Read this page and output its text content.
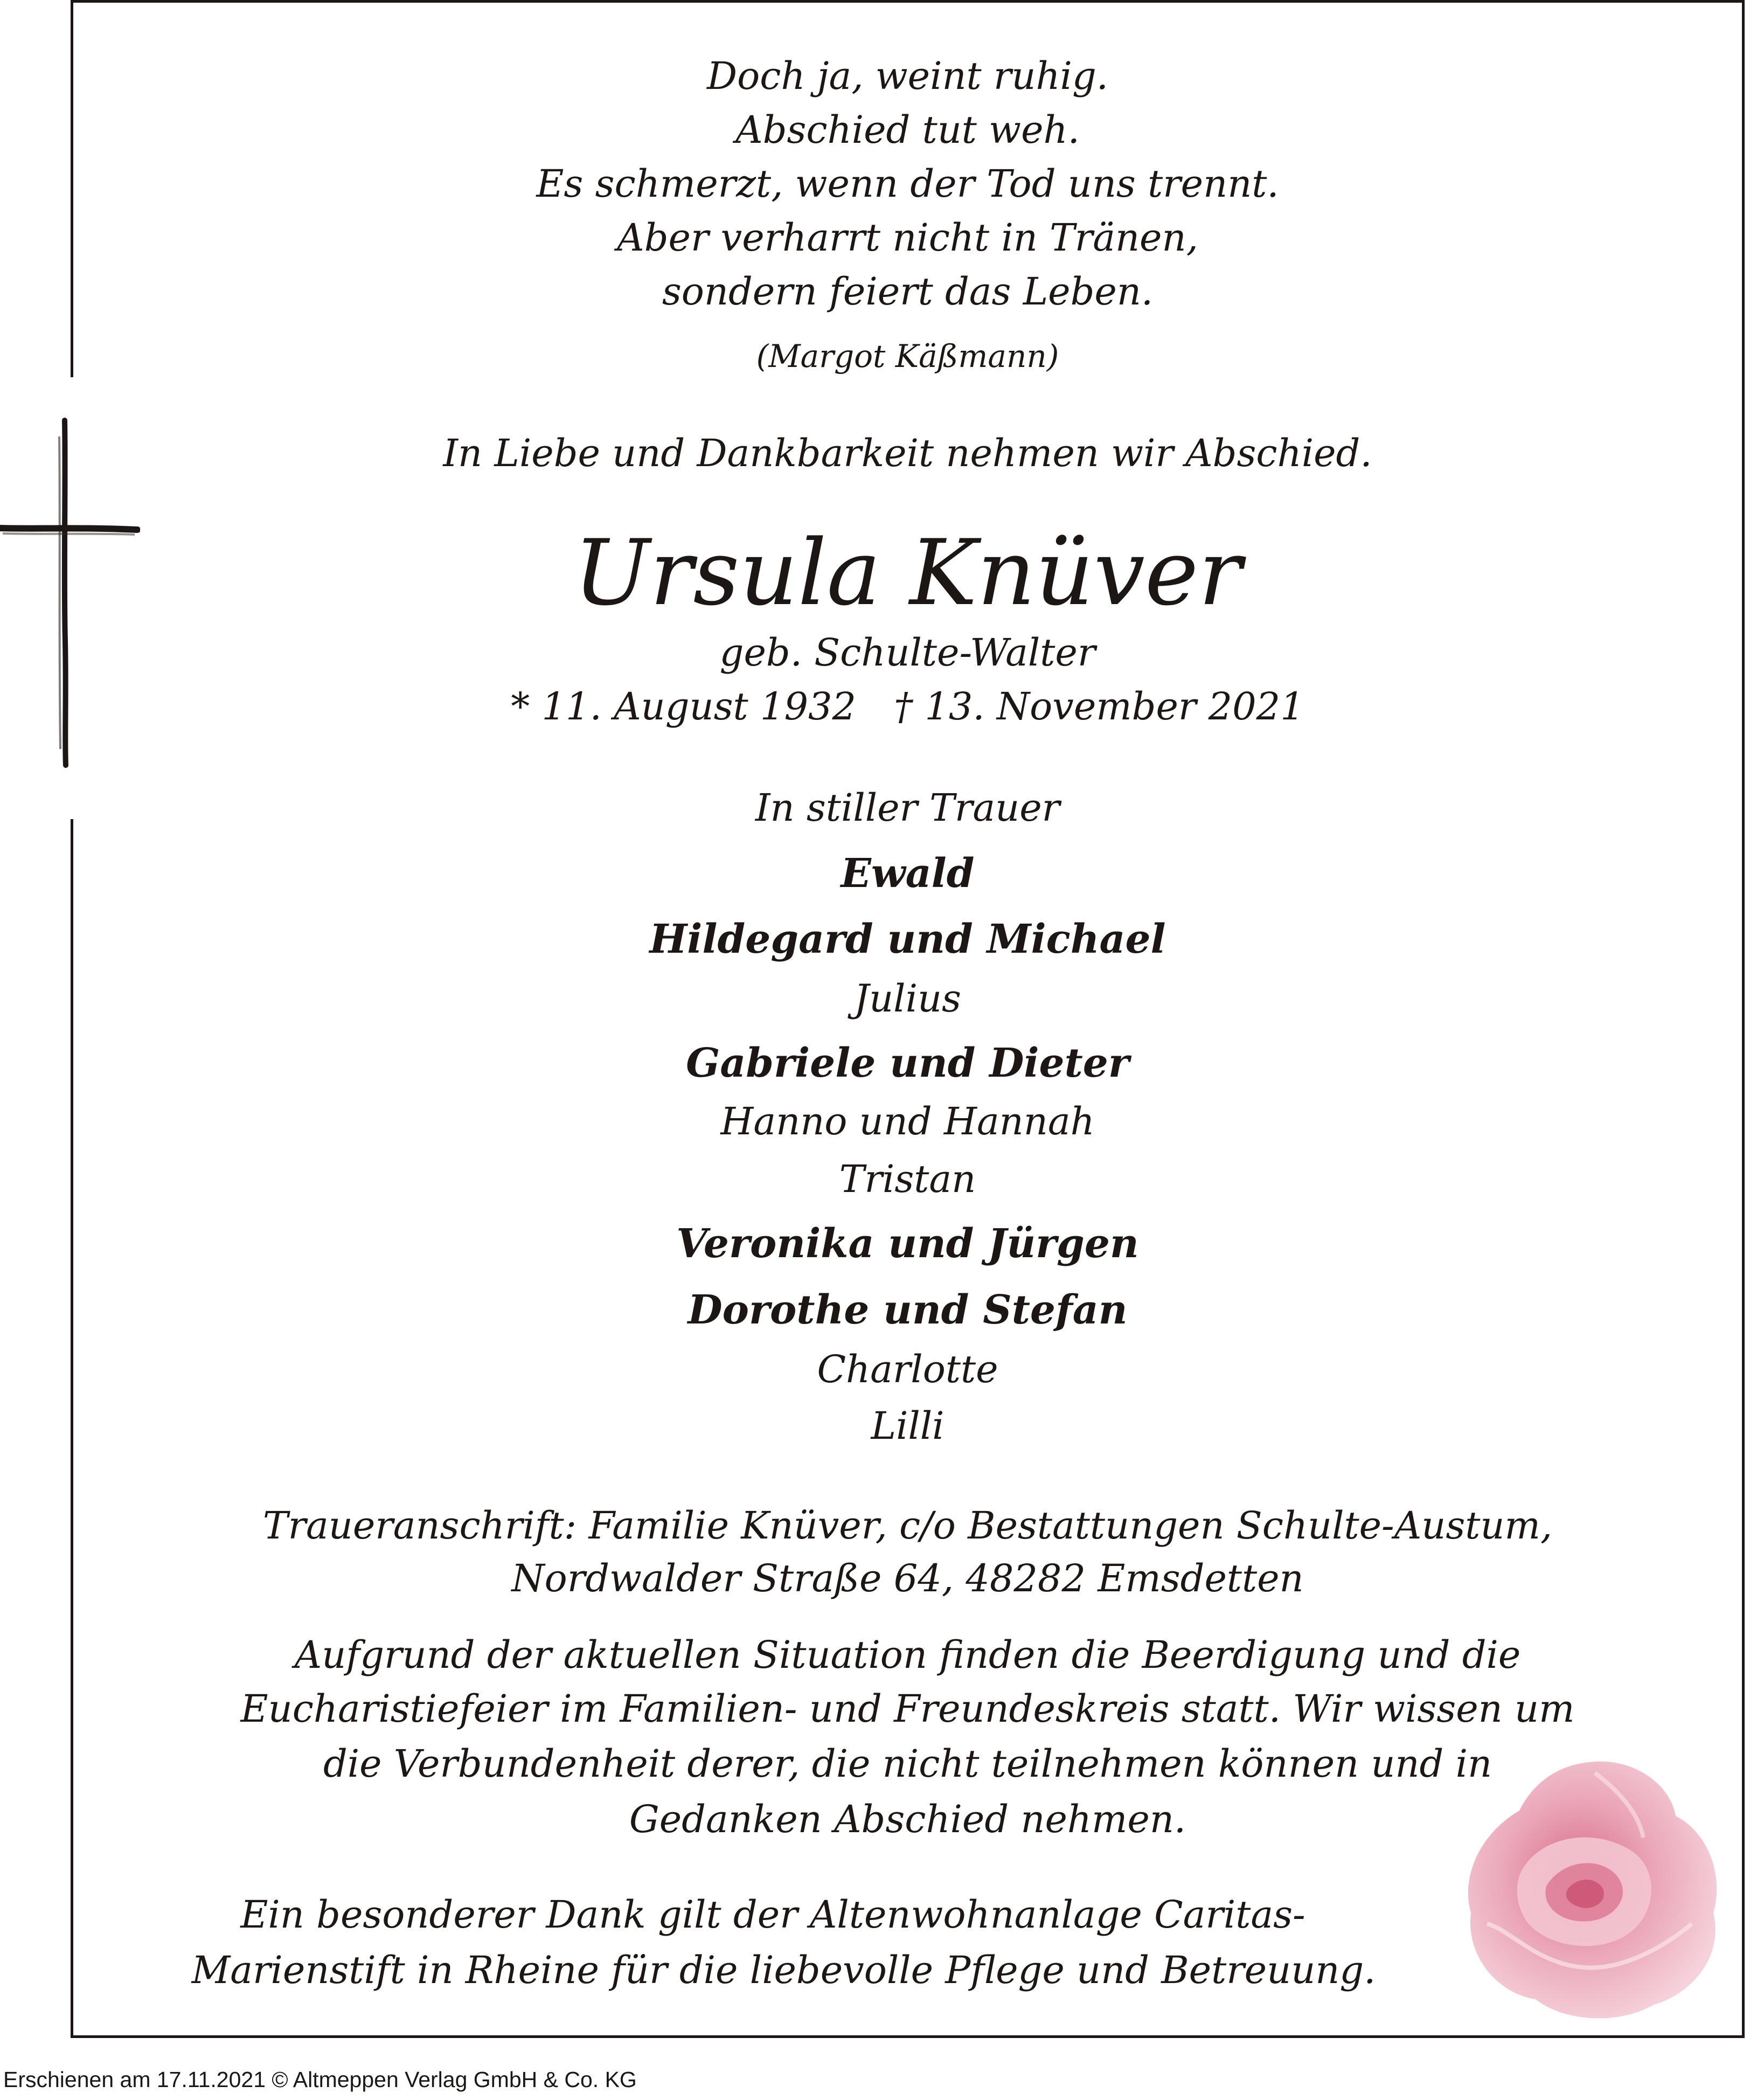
Doch ja, weint ruhig.
Abschied tut weh.
Es schmerzt, wenn der Tod uns trennt.
Aber verharrt nicht in Tränen,
sondern feiert das Leben.
(Margot Käßmann)
In Liebe und Dankbarkeit nehmen wir Abschied.
Ursula Knüver
geb. Schulte-Walter
* 11. August 1932 † 13. November 2021
In stiller Trauer
Ewald
Hildegard und Michael
Julius
Gabriele und Dieter
Hanno und Hannah
Tristan
Veronika und Jürgen
Dorothe und Stefan
Charlotte
Lilli
Traueranschrift: Familie Knüver, c/o Bestattungen Schulte-Austum,
Nordwalder Straße 64, 48282 Emsdetten
Aufgrund der aktuellen Situation finden die Beerdigung und die
Eucharistiefeier im Familien- und Freundeskreis statt. Wir wissen um
die Verbundenheit derer, die nicht teilnehmen können und in
Gedanken Abschied nehmen.
Ein besonderer Dank gilt der Altenwohnanlage Caritas-
Marienstift in Rheine für die liebevolle Pflege und Betreuung.
Erschienen am 17.11.2021 © Altmeppen Verlag GmbH & Co. KG
